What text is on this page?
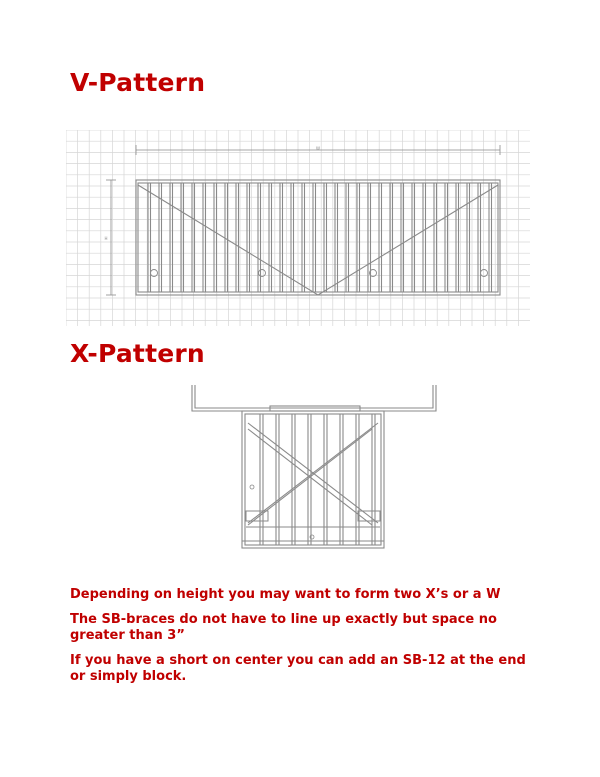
V-Pattern
W
H
X-Pattern

Depending on height you may want to form two X’s or a W

The SB-braces do not have to line up exactly but space no greater than 3”

If you have a short on center you can add an SB-12 at the end or simply block.
